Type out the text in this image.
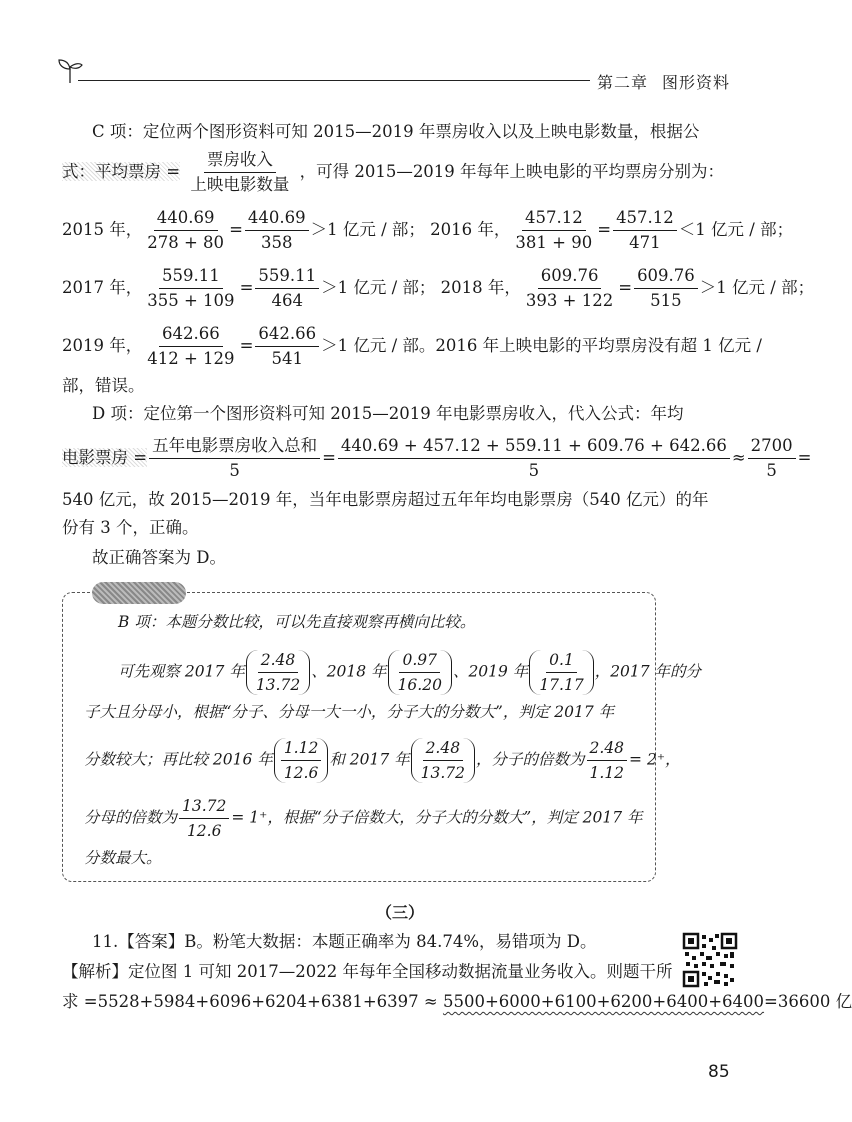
第二章 图形资料
C 项：定位两个图形资料可知 2015—2019 年票房收入以及上映电影数量，根据公
式：平均票房 = $\frac{\text{票房收入}}{\text{上映电影数量}}$ ，可得 2015—2019 年每年上映电影的平均票房分别为：
2015 年， $\frac{440.69}{278 + 80} = \frac{440.69}{358} >1$ 亿元 / 部； 2016 年， $\frac{457.12}{381 + 90} = \frac{457.12}{471} <1$ 亿元 / 部；
2017 年， $\frac{559.11}{355 + 109} = \frac{559.11}{464} >1$ 亿元 / 部； 2018 年， $\frac{609.76}{393 + 122} = \frac{609.76}{515} >1$ 亿元 / 部；
2019 年， $\frac{642.66}{412 + 129} = \frac{642.66}{541} >1$ 亿元 / 部。2016 年上映电影的平均票房没有超 1 亿元 /
部，错误。
D 项：定位第一个图形资料可知 2015—2019 年电影票房收入，代入公式：年均
电影票房 = $\frac{\text{五年电影票房收入总和}}{5} = \frac{440.69 + 457.12 + 559.11 + 609.76 + 642.66}{5} \approx \frac{2700}{5}$ =
540 亿元，故 2015—2019 年，当年电影票房超过五年年均电影票房（540 亿元）的年
份有 3 个，正确。
故正确答案为 D。
B 项：本题分数比较，可以先直接观察再横向比较。
可先观察 2017 年 $\frac{2.48}{13.72}$ 、2018 年 $\frac{0.97}{16.20}$ 、2019 年 $\frac{0.1}{17.17}$ ，2017 年的分
子大且分母小，根据“分子、分母一大一小，分子大的分数大”，判定 2017 年
分数较大；再比较 2016 年 $\frac{1.12}{12.6}$ 和 2017 年 $\frac{2.48}{13.72}$ ，分子的倍数为 $\frac{2.48}{1.12} = 2^+$，
分母的倍数为 $\frac{13.72}{12.6} = 1^+$，根据“分子倍数大，分子大的分数大”，判定 2017 年
分数最大。
（三）
11.【答案】B。粉笔大数据：本题正确率为 84.74%，易错项为 D。
【解析】定位图 1 可知 2017—2022 年每年全国移动数据流量业务收入。则题干所
求 =5528+5984+6096+6204+6381+6397 ≈ 5500+6000+6100+6200+6400+6400=36600 亿
85
